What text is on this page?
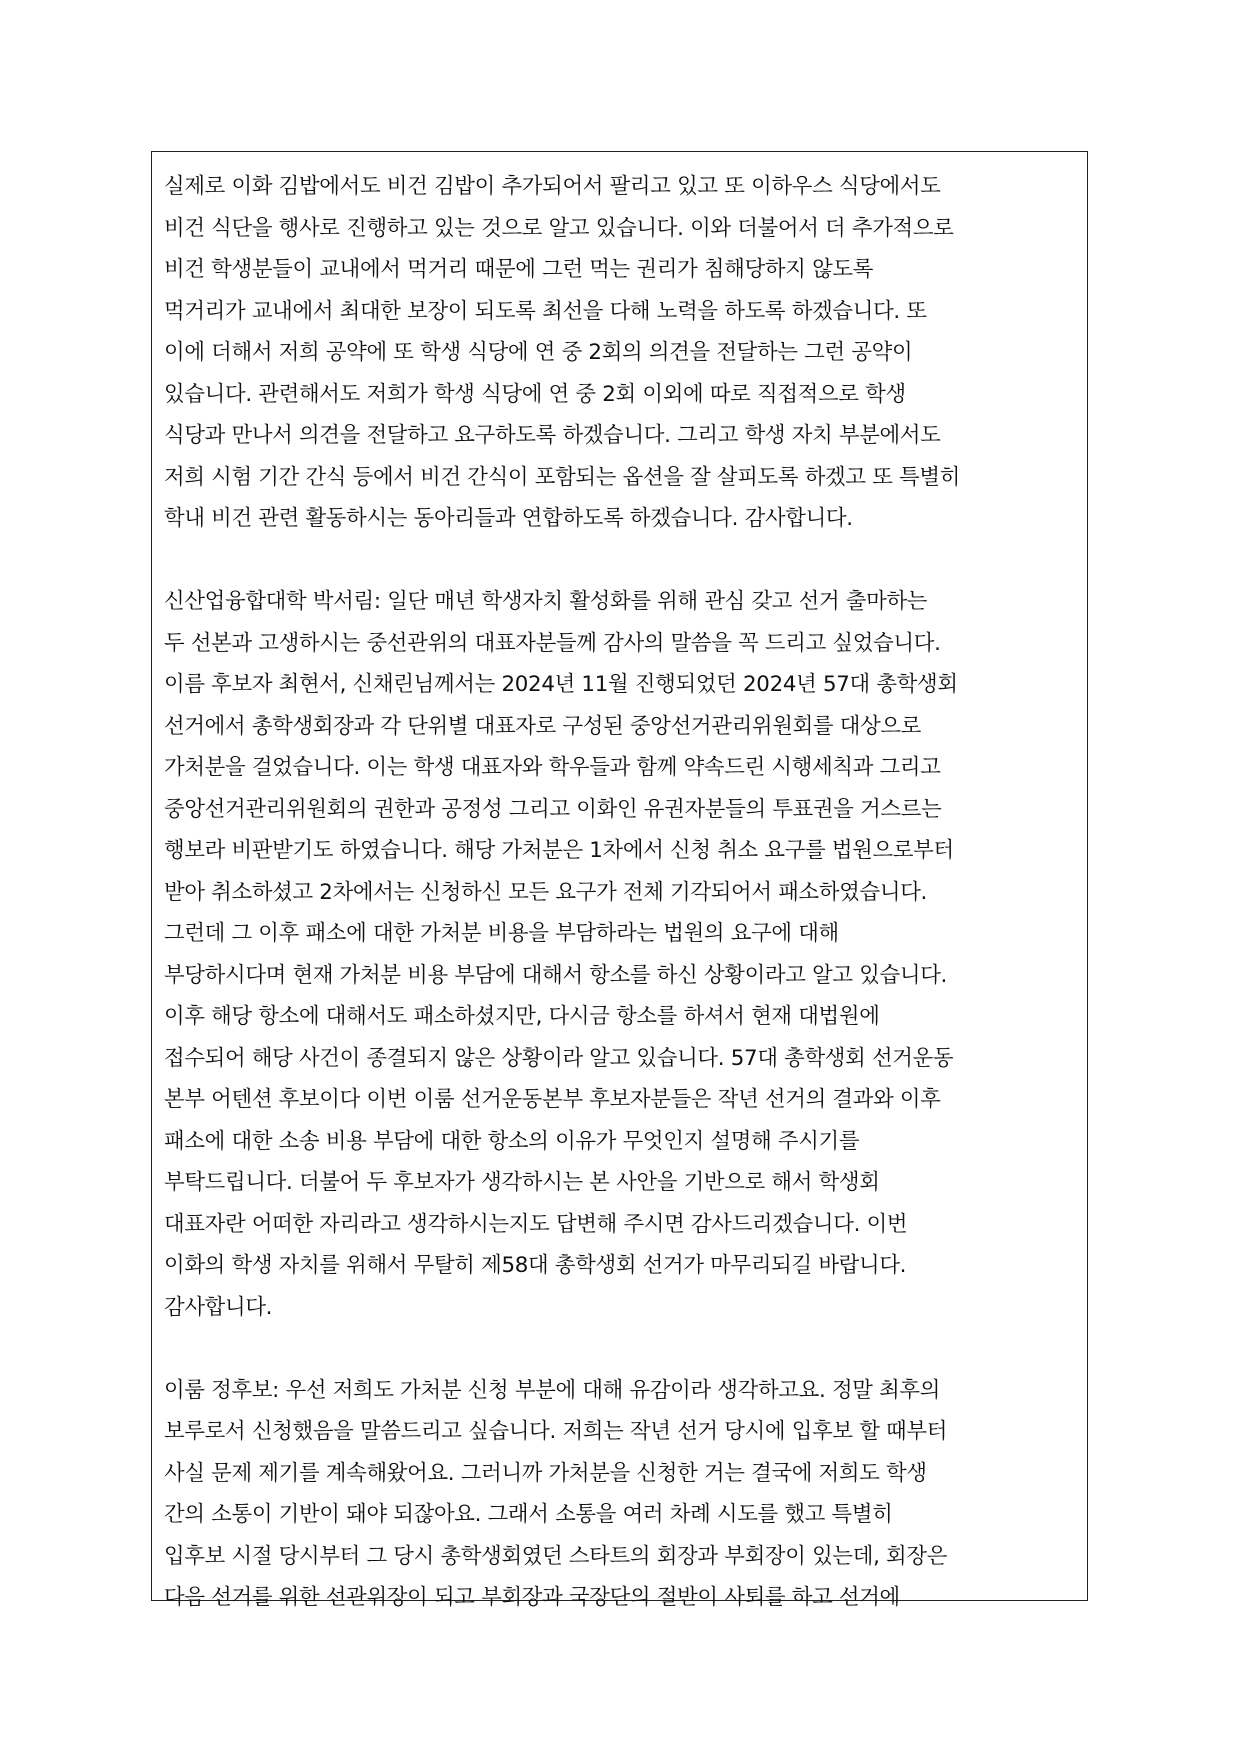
실제로 이화 김밥에서도 비건 김밥이 추가되어서 팔리고 있고 또 이하우스 식당에서도
비건 식단을 행사로 진행하고 있는 것으로 알고 있습니다. 이와 더불어서 더 추가적으로
비건 학생분들이 교내에서 먹거리 때문에 그런 먹는 권리가 침해당하지 않도록
먹거리가 교내에서 최대한 보장이 되도록 최선을 다해 노력을 하도록 하겠습니다. 또
이에 더해서 저희 공약에 또 학생 식당에 연 중 2회의 의견을 전달하는 그런 공약이
있습니다. 관련해서도 저희가 학생 식당에 연 중 2회 이외에 따로 직접적으로 학생
식당과 만나서 의견을 전달하고 요구하도록 하겠습니다. 그리고 학생 자치 부분에서도
저희 시험 기간 간식 등에서 비건 간식이 포함되는 옵션을 잘 살피도록 하겠고 또 특별히
학내 비건 관련 활동하시는 동아리들과 연합하도록 하겠습니다. 감사합니다.
신산업융합대학 박서림: 일단 매년 학생자치 활성화를 위해 관심 갖고 선거 출마하는
두 선본과 고생하시는 중선관위의 대표자분들께 감사의 말씀을 꼭 드리고 싶었습니다.
이름 후보자 최현서, 신채린님께서는 2024년 11월 진행되었던 2024년 57대 총학생회
선거에서 총학생회장과 각 단위별 대표자로 구성된 중앙선거관리위원회를 대상으로
가처분을 걸었습니다. 이는 학생 대표자와 학우들과 함께 약속드린 시행세칙과 그리고
중앙선거관리위원회의 권한과 공정성 그리고 이화인 유권자분들의 투표권을 거스르는
행보라 비판받기도 하였습니다. 해당 가처분은 1차에서 신청 취소 요구를 법원으로부터
받아 취소하셨고 2차에서는 신청하신 모든 요구가 전체 기각되어서 패소하였습니다.
그런데 그 이후 패소에 대한 가처분 비용을 부담하라는 법원의 요구에 대해
부당하시다며 현재 가처분 비용 부담에 대해서 항소를 하신 상황이라고 알고 있습니다.
이후 해당 항소에 대해서도 패소하셨지만, 다시금 항소를 하셔서 현재 대법원에
접수되어 해당 사건이 종결되지 않은 상황이라 알고 있습니다. 57대 총학생회 선거운동
본부 어텐션 후보이다 이번 이룸 선거운동본부 후보자분들은 작년 선거의 결과와 이후
패소에 대한 소송 비용 부담에 대한 항소의 이유가 무엇인지 설명해 주시기를
부탁드립니다. 더불어 두 후보자가 생각하시는 본 사안을 기반으로 해서 학생회
대표자란 어떠한 자리라고 생각하시는지도 답변해 주시면 감사드리겠습니다. 이번
이화의 학생 자치를 위해서 무탈히 제58대 총학생회 선거가 마무리되길 바랍니다.
감사합니다.
이룸 정후보: 우선 저희도 가처분 신청 부분에 대해 유감이라 생각하고요. 정말 최후의
보루로서 신청했음을 말씀드리고 싶습니다. 저희는 작년 선거 당시에 입후보 할 때부터
사실 문제 제기를 계속해왔어요. 그러니까 가처분을 신청한 거는 결국에 저희도 학생
간의 소통이 기반이 돼야 되잖아요. 그래서 소통을 여러 차례 시도를 했고 특별히
입후보 시절 당시부터 그 당시 총학생회였던 스타트의 회장과 부회장이 있는데, 회장은
다음 선거를 위한 선관위장이 되고 부회장과 국장단의 절반이 사퇴를 하고 선거에
